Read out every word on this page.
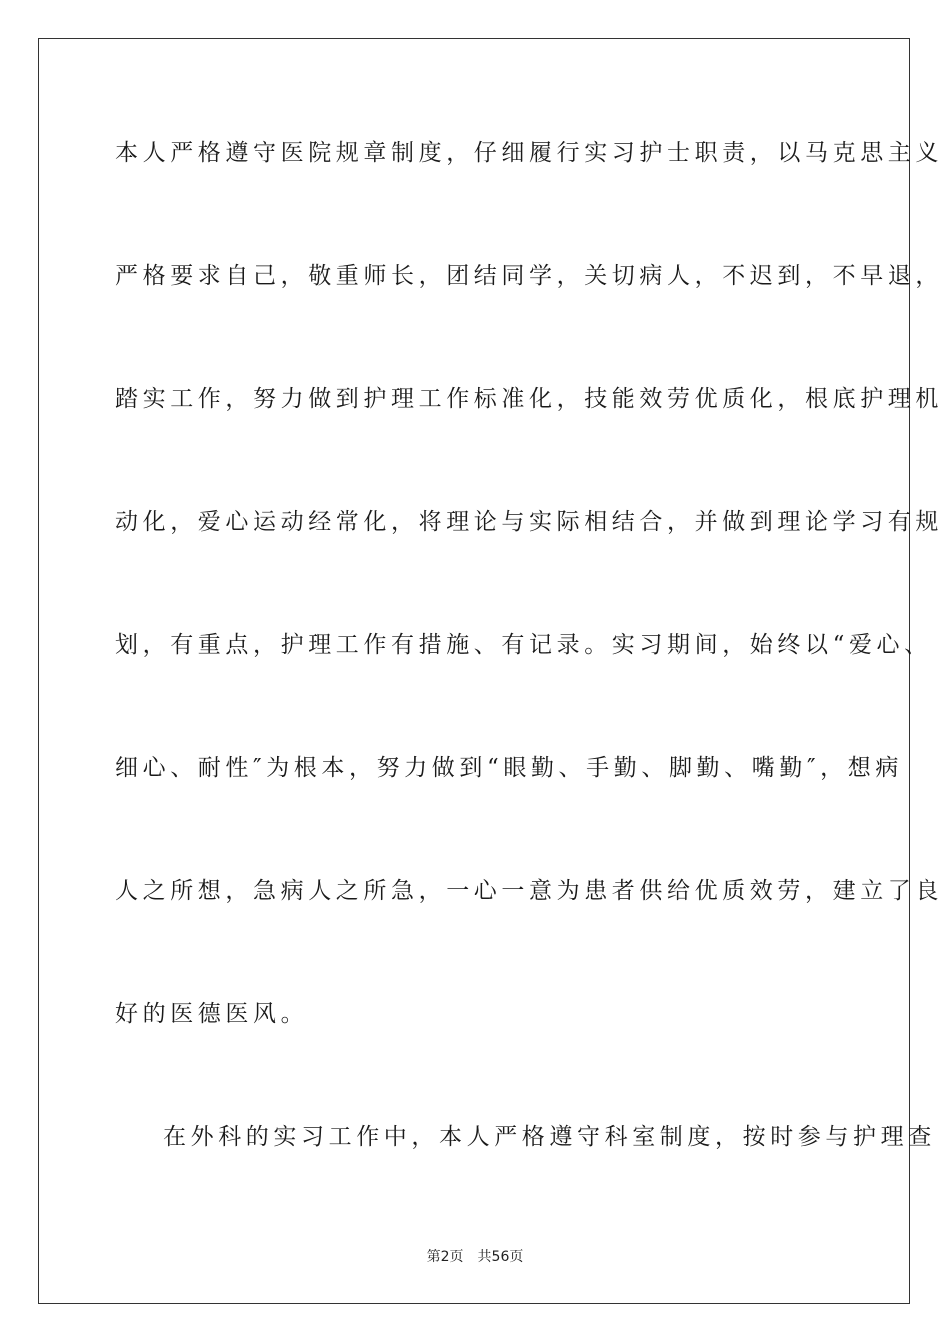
本人严格遵守医院规章制度，仔细履行实习护士职责，以马克思主义
严格要求自己，敬重师长，团结同学，关切病人，不迟到，不早退，
踏实工作，努力做到护理工作标准化，技能效劳优质化，根底护理机
动化，爱心运动经常化，将理论与实际相结合，并做到理论学习有规
划，有重点，护理工作有措施、有记录。实习期间，始终以“爱心、
细心、耐性″为根本，努力做到“眼勤、手勤、脚勤、嘴勤″，想病
人之所想，急病人之所急，一心一意为患者供给优质效劳，建立了良
好的医德医风。
在外科的实习工作中，本人严格遵守科室制度，按时参与护理查
第2页 共56页
